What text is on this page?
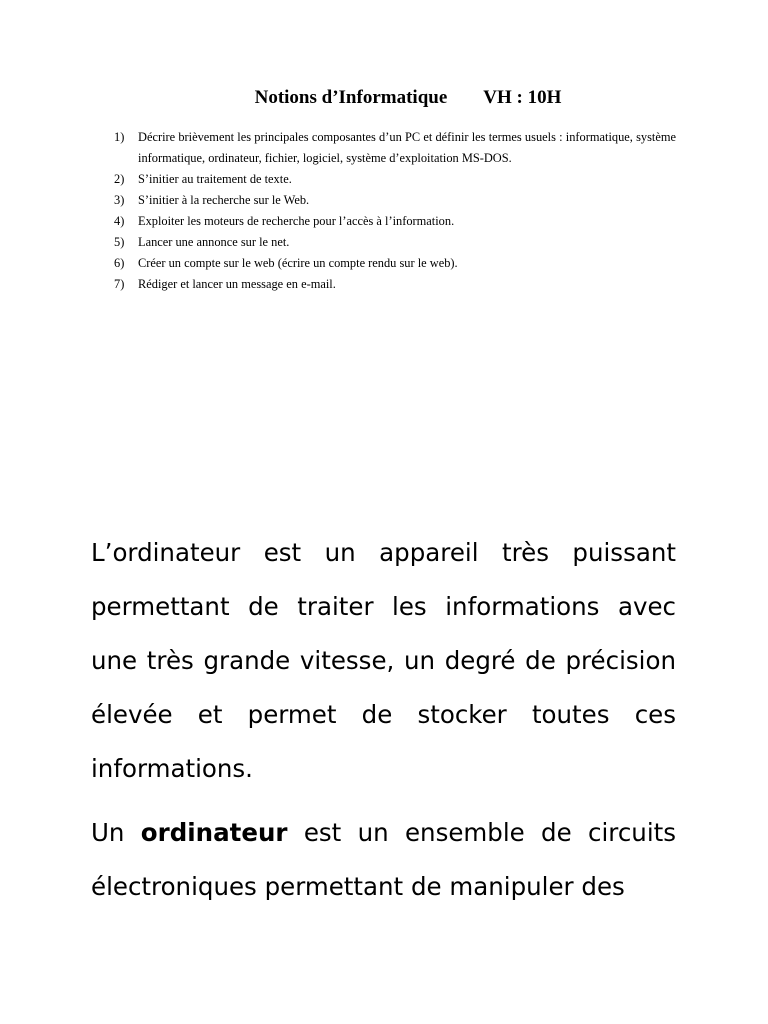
Notions d’Informatique VH : 10H
1)	Décrire brièvement les principales composantes d’un PC et définir les termes usuels : informatique, système informatique, ordinateur, fichier, logiciel, système d’exploitation MS-DOS.
2)	S’initier au traitement de texte.
3)	S’initier à la recherche sur le Web.
4)	Exploiter les moteurs de recherche pour l’accès à l’information.
5)	Lancer une annonce sur le net.
6)	Créer un compte sur le web (écrire un compte rendu sur le web).
7)	Rédiger et lancer un message en e-mail.

L’ordinateur est un appareil très puissant permettant de traiter les informations avec une très grande vitesse, un degré de précision élevée et permet de stocker toutes ces informations.

Un ordinateur est un ensemble de circuits électroniques permettant de manipuler des
